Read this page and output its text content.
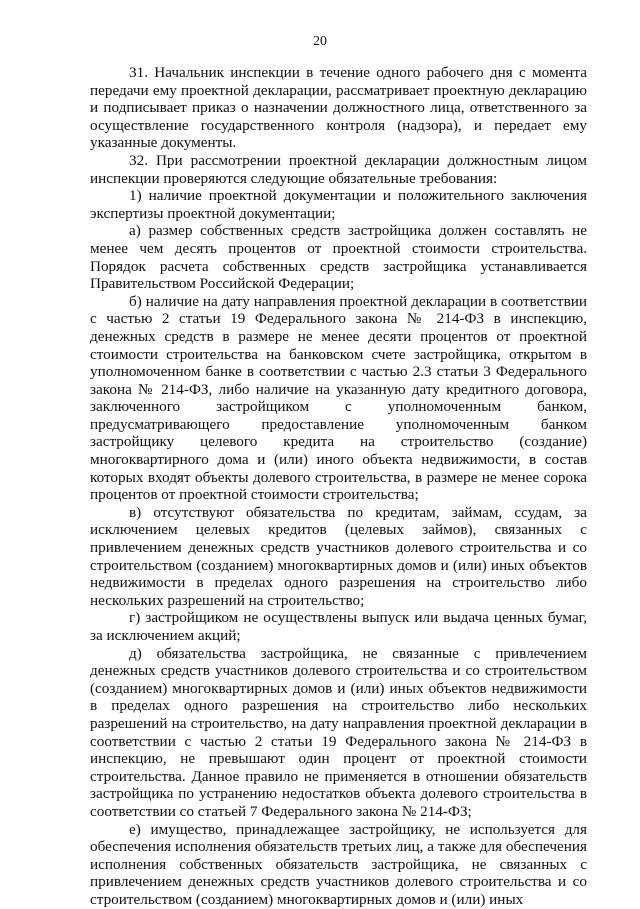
20

31. Начальник инспекции в течение одного рабочего дня с момента передачи ему проектной декларации, рассматривает проектную декларацию и подписывает приказ о назначении должностного лица, ответственного за осуществление государственного контроля (надзора), и передает ему указанные документы.

32. При рассмотрении проектной декларации должностным лицом инспекции проверяются следующие обязательные требования:

1) наличие проектной документации и положительного заключения экспертизы проектной документации;

а) размер собственных средств застройщика должен составлять не менее чем десять процентов от проектной стоимости строительства. Порядок расчета собственных средств застройщика устанавливается Правительством Российской Федерации;

б) наличие на дату направления проектной декларации в соответствии с частью 2 статьи 19 Федерального закона № 214-ФЗ в инспекцию, денежных средств в размере не менее десяти процентов от проектной стоимости строительства на банковском счете застройщика, открытом в уполномоченном банке в соответствии с частью 2.3 статьи 3 Федерального закона № 214-ФЗ, либо наличие на указанную дату кредитного договора, заключенного застройщиком с уполномоченным банком, предусматривающего предоставление уполномоченным банком застройщику целевого кредита на строительство (создание) многоквартирного дома и (или) иного объекта недвижимости, в состав которых входят объекты долевого строительства, в размере не менее сорока процентов от проектной стоимости строительства;

в) отсутствуют обязательства по кредитам, займам, ссудам, за исключением целевых кредитов (целевых займов), связанных с привлечением денежных средств участников долевого строительства и со строительством (созданием) многоквартирных домов и (или) иных объектов недвижимости в пределах одного разрешения на строительство либо нескольких разрешений на строительство;

г) застройщиком не осуществлены выпуск или выдача ценных бумаг, за исключением акций;

д) обязательства застройщика, не связанные с привлечением денежных средств участников долевого строительства и со строительством (созданием) многоквартирных домов и (или) иных объектов недвижимости в пределах одного разрешения на строительство либо нескольких разрешений на строительство, на дату направления проектной декларации в соответствии с частью 2 статьи 19 Федерального закона № 214-ФЗ в инспекцию, не превышают один процент от проектной стоимости строительства. Данное правило не применяется в отношении обязательств застройщика по устранению недостатков объекта долевого строительства в соответствии со статьей 7 Федерального закона № 214-ФЗ;

е) имущество, принадлежащее застройщику, не используется для обеспечения исполнения обязательств третьих лиц, а также для обеспечения исполнения собственных обязательств застройщика, не связанных с привлечением денежных средств участников долевого строительства и со строительством (созданием) многоквартирных домов и (или) иных
